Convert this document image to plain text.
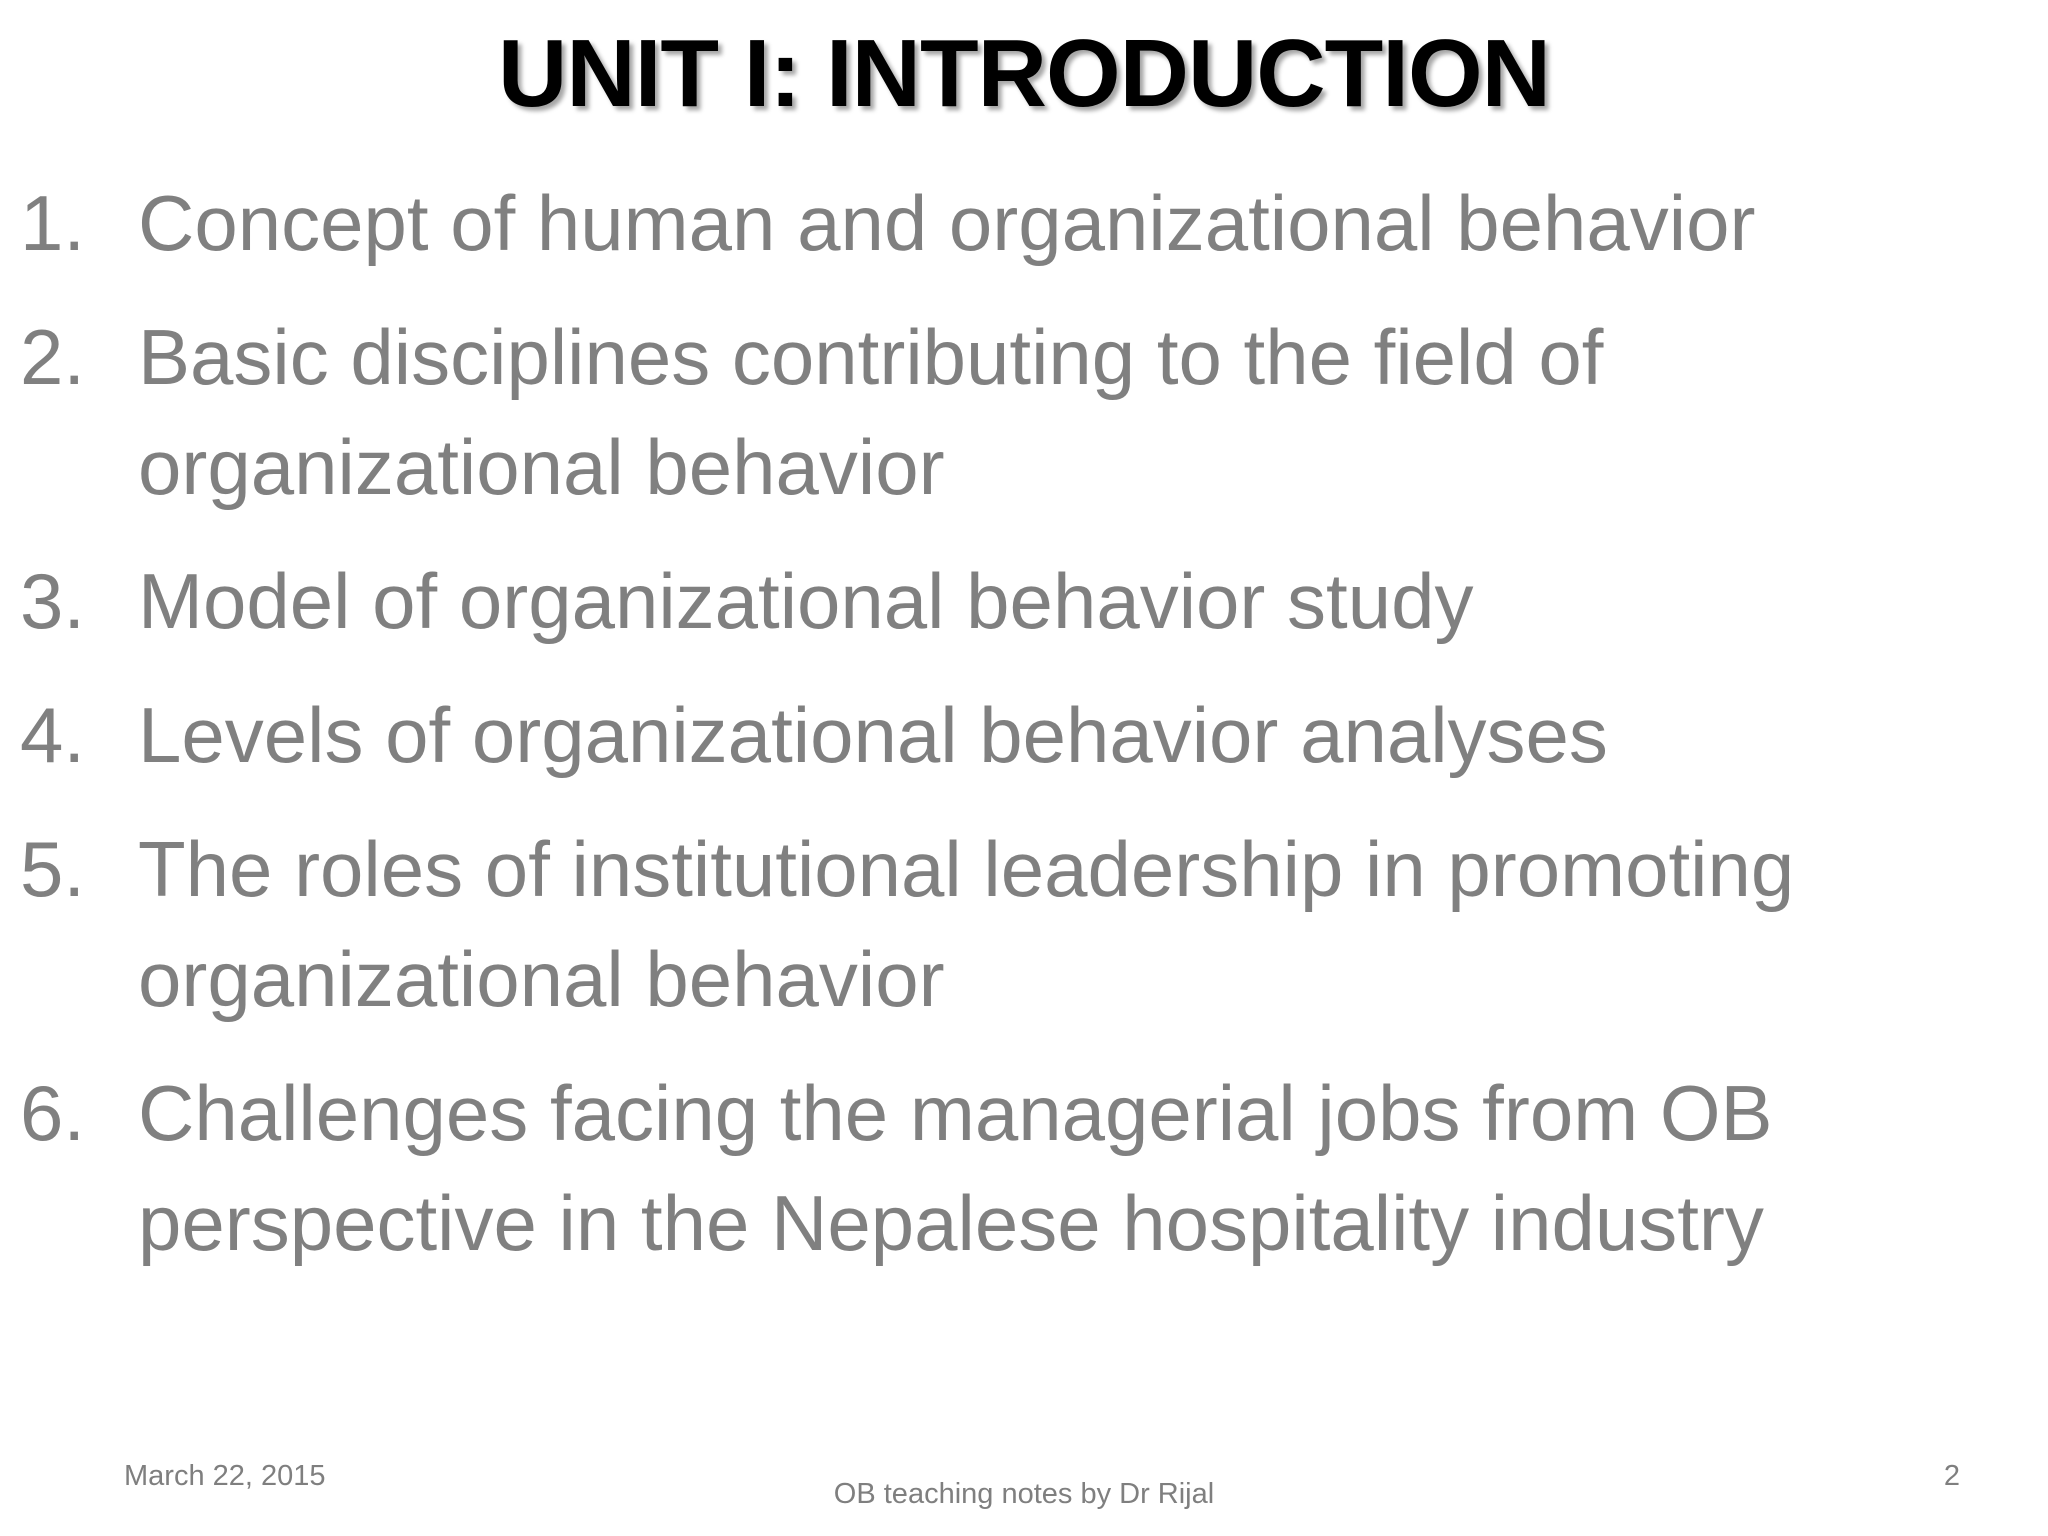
UNIT I: INTRODUCTION
1. Concept of human and organizational behavior
2. Basic disciplines contributing to the field of
organizational behavior
3. Model of organizational behavior study
4. Levels of organizational behavior analyses
5. The roles of institutional leadership in promoting
organizational behavior
6. Challenges facing the managerial jobs from OB
perspective in the Nepalese hospitality industry
March 22, 2015
OB teaching notes by Dr Rijal
2
